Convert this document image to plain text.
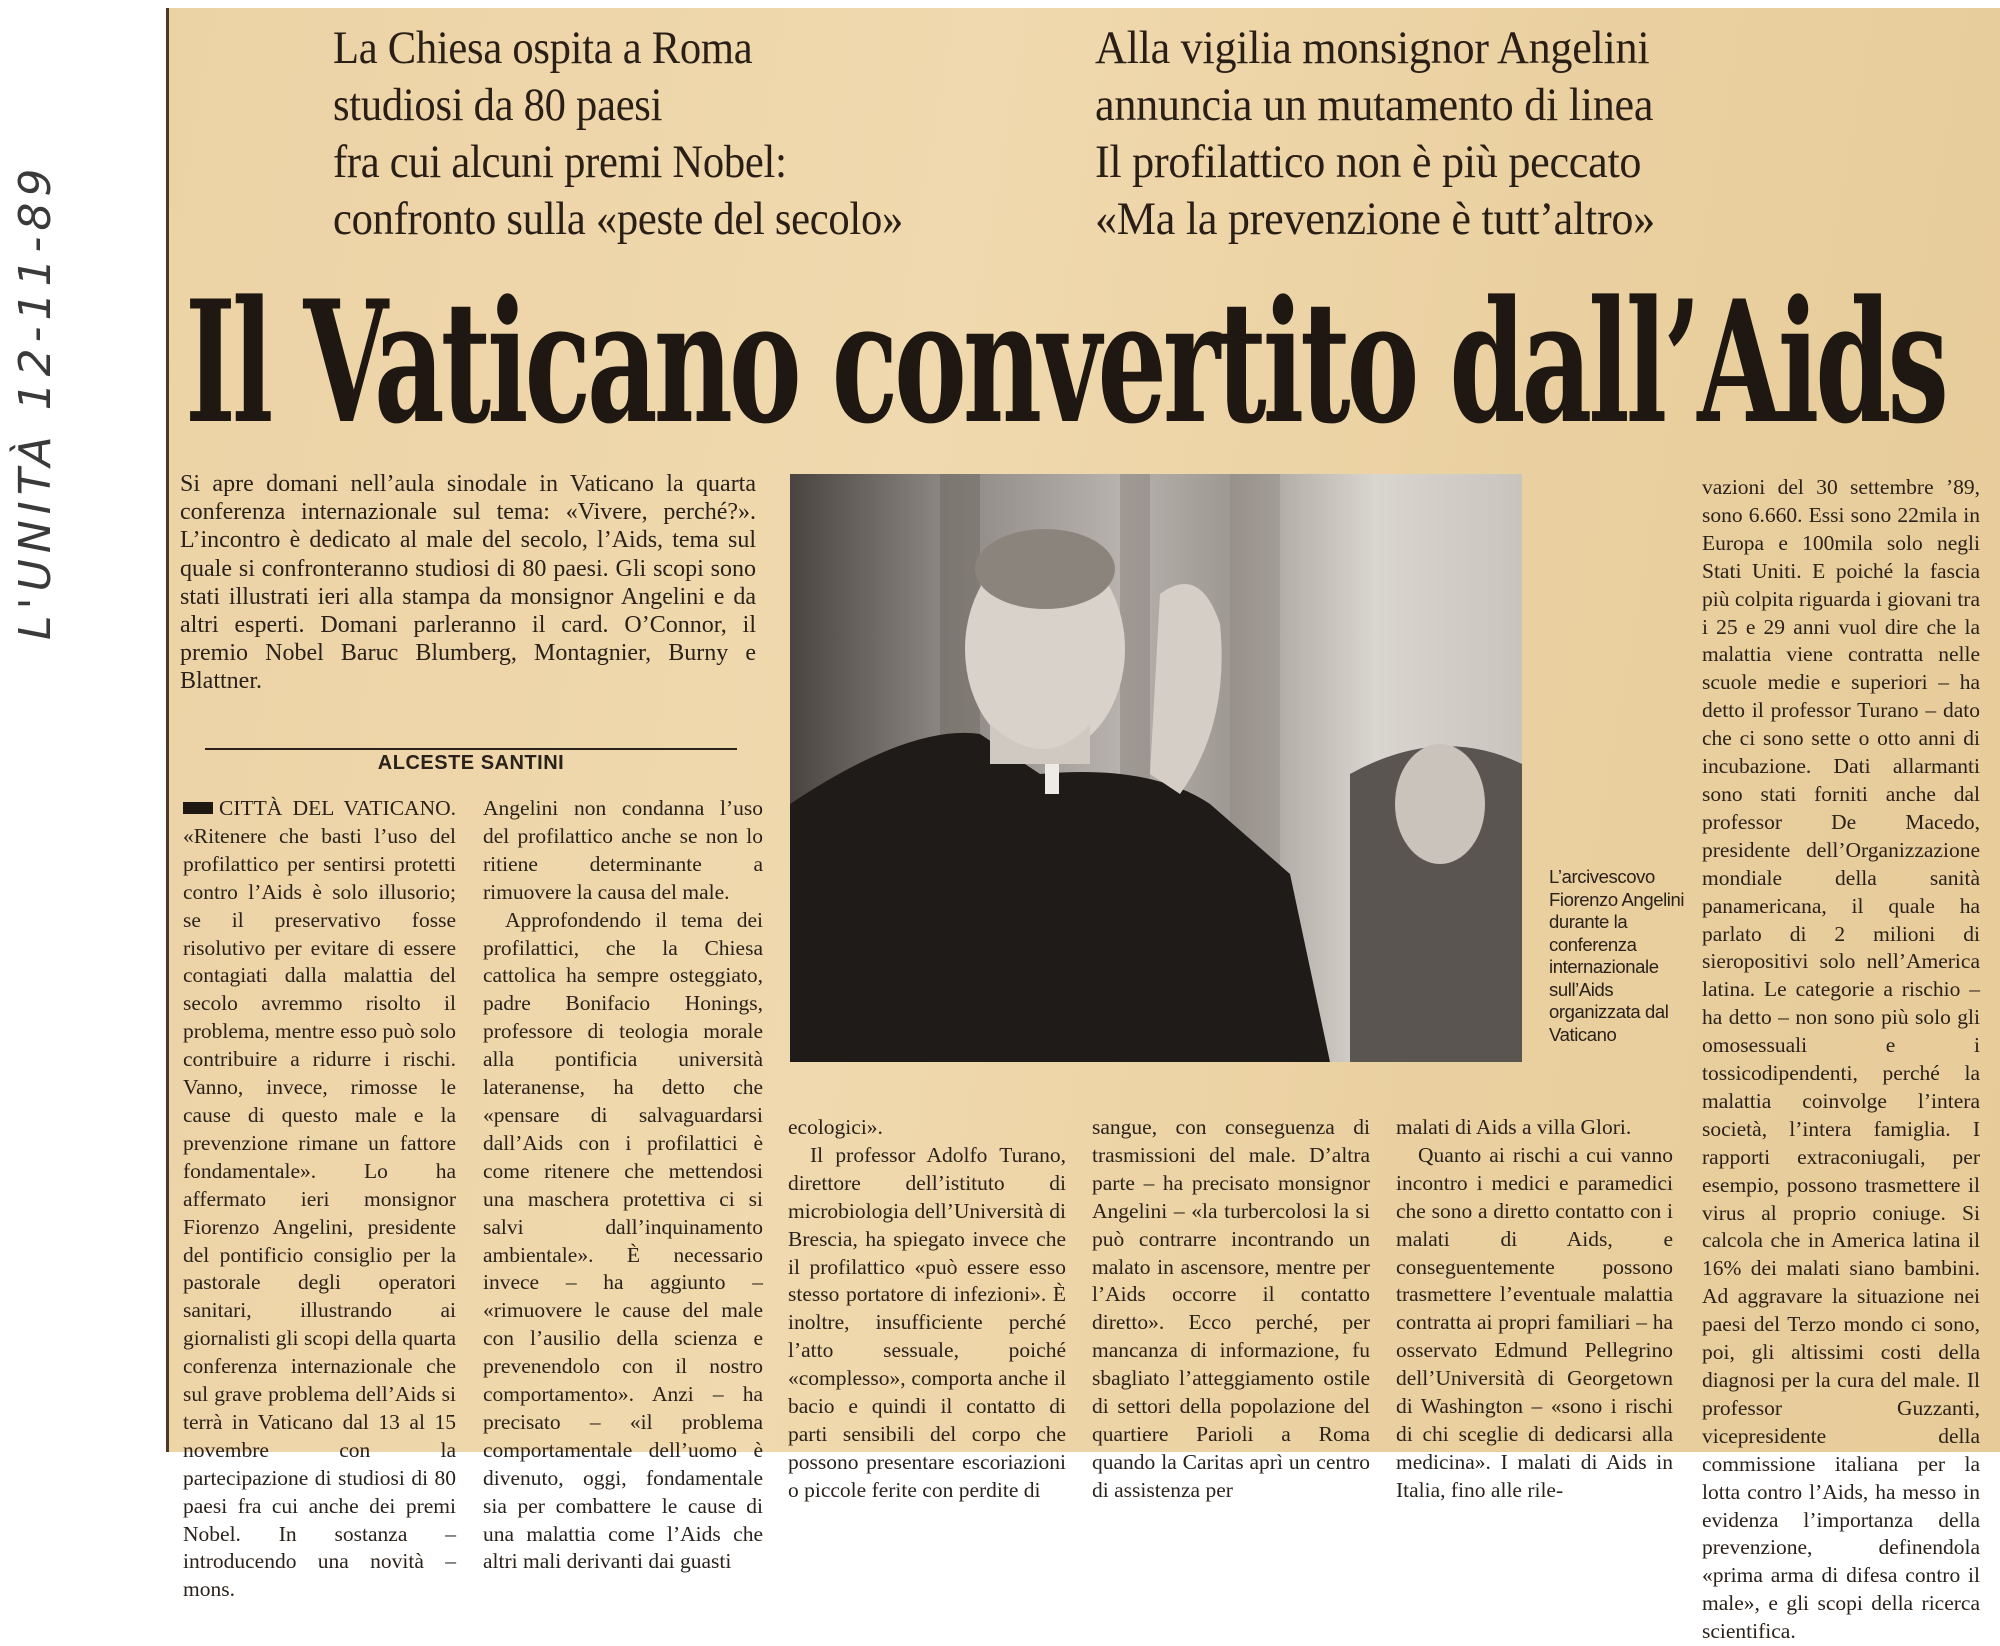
L'UNITÀ 12-11-89
La Chiesa ospita a Roma
studiosi da 80 paesi
fra cui alcuni premi Nobel:
confronto sulla «peste del secolo»
Alla vigilia monsignor Angelini
annuncia un mutamento di linea
Il profilattico non è più peccato
«Ma la prevenzione è tutt’altro»
Il Vaticano convertito dall’Aids
Si apre domani nell’aula sinodale in Vaticano la quarta conferenza internazionale sul tema: «Vivere, perché?». L’incontro è dedicato al male del secolo, l’Aids, tema sul quale si confronteranno studiosi di 80 paesi. Gli scopi sono stati illustrati ieri alla stampa da monsignor Angelini e da altri esperti. Domani parleranno il card. O’Connor, il premio Nobel Baruc Blumberg, Montagnier, Burny e Blattner.
ALCESTE SANTINI

CITTÀ DEL VATICANO. «Ritenere che basti l’uso del profilattico per sentirsi protetti contro l’Aids è solo illusorio; se il preservativo fosse risolutivo per evitare di essere contagiati dalla malattia del secolo avremmo risolto il problema, mentre esso può solo contribuire a ridurre i rischi. Vanno, invece, rimosse le cause di questo male e la prevenzione rimane un fattore fondamentale». Lo ha affermato ieri monsignor Fiorenzo Angelini, presidente del pontificio consiglio per la pastorale degli operatori sanitari, illustrando ai giornalisti gli scopi della quarta conferenza internazionale che sul grave problema dell’Aids si terrà in Vaticano dal 13 al 15 novembre con la partecipazione di studiosi di 80 paesi fra cui anche dei premi Nobel. In sostanza – introducendo una novità – mons.

Angelini non condanna l’uso del profilattico anche se non lo ritiene determinante a rimuovere la causa del male.

Approfondendo il tema dei profilattici, che la Chiesa cattolica ha sempre osteggiato, padre Bonifacio Honings, professore di teologia morale alla pontificia università lateranense, ha detto che «pensare di salvaguardarsi dall’Aids con i profilattici è come ritenere che mettendosi una maschera protettiva ci si salvi dall’inquinamento ambientale». È necessario invece – ha aggiunto – «rimuovere le cause del male con l’ausilio della scienza e prevenendolo con il nostro comportamento». Anzi – ha precisato – «il problema comportamentale dell’uomo è divenuto, oggi, fondamentale sia per combattere le cause di una malattia come l’Aids che altri mali derivanti dai guasti

L’arcivescovo Fiorenzo Angelini durante la conferenza internazionale sull’Aids organizzata dal Vaticano

ecologici».

Il professor Adolfo Turano, direttore dell’istituto di microbiologia dell’Università di Brescia, ha spiegato invece che il profilattico «può essere esso stesso portatore di infezioni». È inoltre, insufficiente perché l’atto sessuale, poiché «complesso», comporta anche il bacio e quindi il contatto di parti sensibili del corpo che possono presentare escoriazioni o piccole ferite con perdite di

sangue, con conseguenza di trasmissioni del male. D’altra parte – ha precisato monsignor Angelini – «la turbercolosi la si può contrarre incontrando un malato in ascensore, mentre per l’Aids occorre il contatto diretto». Ecco perché, per mancanza di informazione, fu sbagliato l’atteggiamento ostile di settori della popolazione del quartiere Parioli a Roma quando la Caritas aprì un centro di assistenza per

malati di Aids a villa Glori.

Quanto ai rischi a cui vanno incontro i medici e paramedici che sono a diretto contatto con i malati di Aids, e conseguentemente possono trasmettere l’eventuale malattia contratta ai propri familiari – ha osservato Edmund Pellegrino dell’Università di Georgetown di Washington – «sono i rischi di chi sceglie di dedicarsi alla medicina». I malati di Aids in Italia, fino alle rile-

vazioni del 30 settembre ’89, sono 6.660. Essi sono 22mila in Europa e 100mila solo negli Stati Uniti. E poiché la fascia più colpita riguarda i giovani tra i 25 e 29 anni vuol dire che la malattia viene contratta nelle scuole medie e superiori – ha detto il professor Turano – dato che ci sono sette o otto anni di incubazione. Dati allarmanti sono stati forniti anche dal professor De Macedo, presidente dell’Organizzazione mondiale della sanità panamericana, il quale ha parlato di 2 milioni di sieropositivi solo nell’America latina. Le categorie a rischio – ha detto – non sono più solo gli omosessuali e i tossicodipendenti, perché la malattia coinvolge l’intera società, l’intera famiglia. I rapporti extraconiugali, per esempio, possono trasmettere il virus al proprio coniuge. Si calcola che in America latina il 16% dei malati siano bambini. Ad aggravare la situazione nei paesi del Terzo mondo ci sono, poi, gli altissimi costi della diagnosi per la cura del male. Il professor Guzzanti, vicepresidente della commissione italiana per la lotta contro l’Aids, ha messo in evidenza l’importanza della prevenzione, definendola «prima arma di difesa contro il male», e gli scopi della ricerca scientifica.
